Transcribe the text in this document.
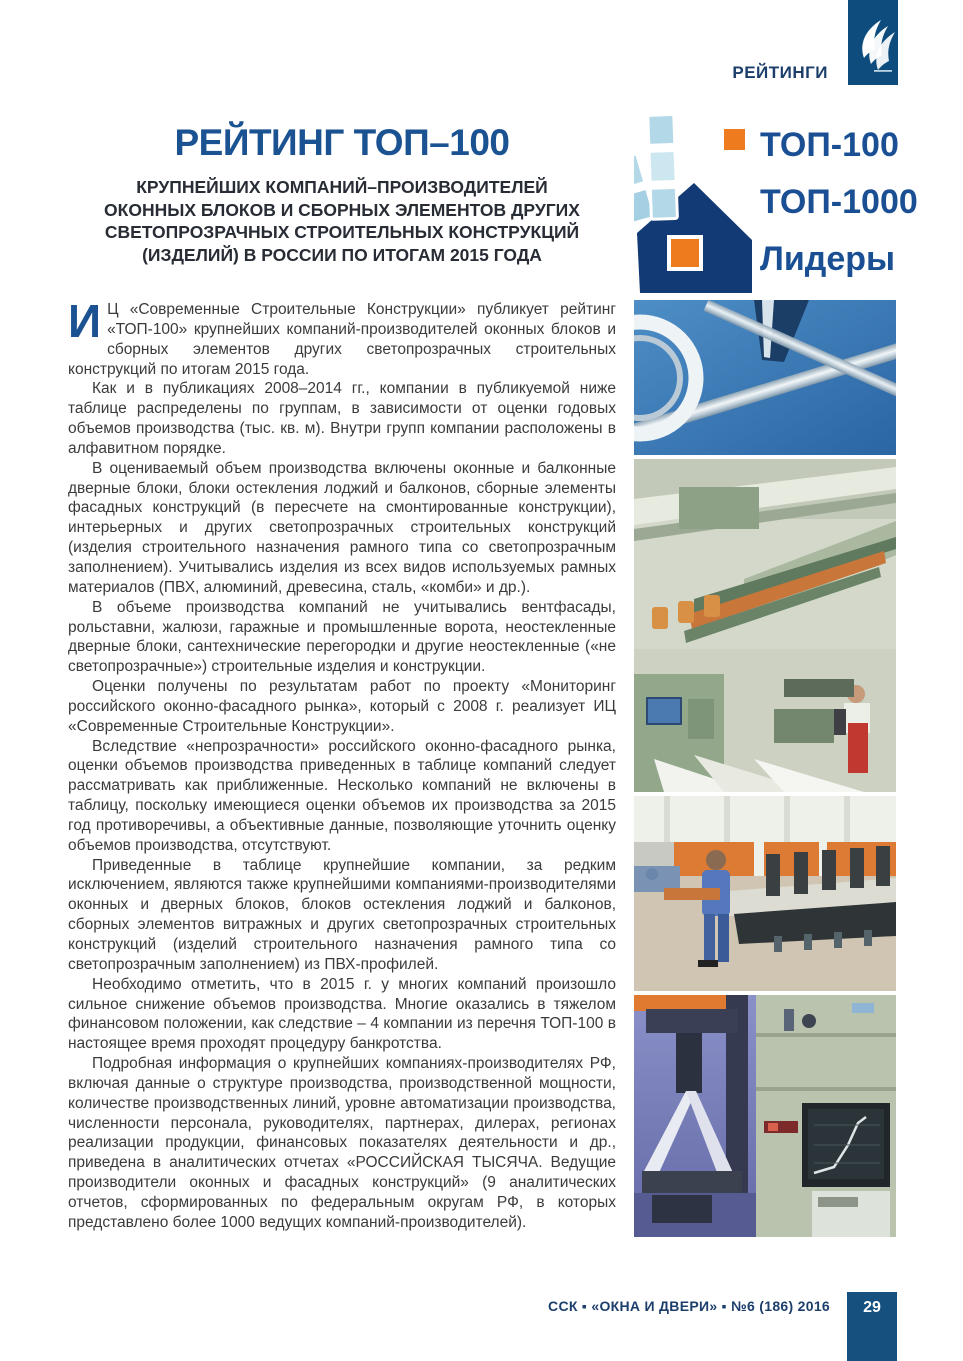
РЕЙТИНГИ
РЕЙТИНГ ТОП–100
КРУПНЕЙШИХ КОМПАНИЙ–ПРОИЗВОДИТЕЛЕЙ
ОКОННЫХ БЛОКОВ И СБОРНЫХ ЭЛЕМЕНТОВ ДРУГИХ
СВЕТОПРОЗРАЧНЫХ СТРОИТЕЛЬНЫХ КОНСТРУКЦИЙ
(ИЗДЕЛИЙ) В РОССИИ ПО ИТОГАМ 2015 ГОДА
ТОП-100
ТОП-1000
Лидеры

И Ц «Современные Строительные Конструкции» публикует рейтинг «ТОП-100» крупнейших компаний-производителей оконных блоков и сборных элементов других светопрозрачных строительных конструкций по итогам 2015 года.

Как и в публикациях 2008–2014 гг., компании в публикуемой ниже таблице распределены по группам, в зависимости от оценки годовых объемов производства (тыс. кв. м). Внутри групп компании расположены в алфавитном порядке.

В оцениваемый объем производства включены оконные и балконные дверные блоки, блоки остекления лоджий и балконов, сборные элементы фасадных конструкций (в пересчете на смонтированные конструкции), интерьерных и других светопрозрачных строительных конструкций (изделия строительного назначения рамного типа со светопрозрачным заполнением). Учитывались изделия из всех видов используемых рамных материалов (ПВХ, алюминий, древесина, сталь, «комби» и др.).

В объеме производства компаний не учитывались вентфасады, рольставни, жалюзи, гаражные и промышленные ворота, неостекленные дверные блоки, сантехнические перегородки и другие неостекленные («не светопрозрачные») строительные изделия и конструкции.

Оценки получены по результатам работ по проекту «Мониторинг российского оконно-фасадного рынка», который с 2008 г. реализует ИЦ «Современные Строительные Конструкции».

Вследствие «непрозрачности» российского оконно-фасадного рынка, оценки объемов производства приведенных в таблице компаний следует рассматривать как приближенные. Несколько компаний не включены в таблицу, поскольку имеющиеся оценки объемов их производства за 2015 год противоречивы, а объективные данные, позволяющие уточнить оценку объемов производства, отсутствуют.

Приведенные в таблице крупнейшие компании, за редким исключением, являются также крупнейшими компаниями-производителями оконных и дверных блоков, блоков остекления лоджий и балконов, сборных элементов витражных и других светопрозрачных строительных конструкций (изделий строительного назначения рамного типа со светопрозрачным заполнением) из ПВХ-профилей.

Необходимо отметить, что в 2015 г. у многих компаний произошло сильное снижение объемов производства. Многие оказались в тяжелом финансовом положении, как следствие – 4 компании из перечня ТОП-100 в настоящее время проходят процедуру банкротства.

Подробная информация о крупнейших компаниях-производителях РФ, включая данные о структуре производства, производственной мощности, количестве производственных линий, уровне автоматизации производства, численности персонала, руководителях, партнерах, дилерах, регионах реализации продукции, финансовых показателях деятельности и др., приведена в аналитических отчетах «РОССИЙСКАЯ ТЫСЯЧА. Ведущие производители оконных и фасадных конструкций» (9 аналитических отчетов, сформированных по федеральным округам РФ, в которых представлено более 1000 ведущих компаний-производителей).

ССК ▪ «ОКНА И ДВЕРИ» ▪ №6 (186) 2016	29
